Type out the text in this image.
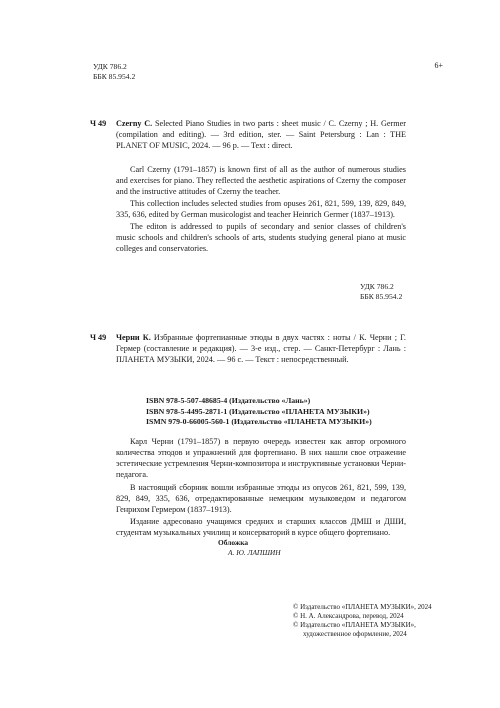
УДК 786.2
ББК 85.954.2
6+
Ч 49 Czerny C. Selected Piano Studies in two parts : sheet music / C. Czerny ; H. Germer (compilation and editing). — 3rd edition, ster. — Saint Petersburg : Lan : THE PLANET OF MUSIC, 2024. — 96 p. — Text : direct.
Carl Czerny (1791–1857) is known first of all as the author of numerous studies and exercises for piano. They reflected the aesthetic aspirations of Czerny the composer and the instructive attitudes of Czerny the teacher.
This collection includes selected studies from opuses 261, 821, 599, 139, 829, 849, 335, 636, edited by German musicologist and teacher Heinrich Germer (1837–1913).
The editon is addressed to pupils of secondary and senior classes of children's music schools and children's schools of arts, students studying general piano at music colleges and conservatories.
УДК 786.2
ББК 85.954.2
Ч 49 Черни К. Избранные фортепианные этюды в двух частях : ноты / К. Черни ; Г. Гермер (составление и редакция). — 3-е изд., стер. — Санкт-Петербург : Лань : ПЛАНЕТА МУЗЫКИ, 2024. — 96 с. — Текст : непосредственный.
ISBN 978-5-507-48685-4 (Издательство «Лань»)
ISBN 978-5-4495-2871-1 (Издательство «ПЛАНЕТА МУЗЫКИ»)
ISMN 979-0-66005-560-1 (Издательство «ПЛАНЕТА МУЗЫКИ»)
Карл Черни (1791–1857) в первую очередь известен как автор огромного количества этюдов и упражнений для фортепиано. В них нашли свое отражение эстетические устремления Черни-композитора и инструктивные установки Черни-педагога.
В настоящий сборник вошли избранные этюды из опусов 261, 821, 599, 139, 829, 849, 335, 636, отредактированные немецким музыковедом и педагогом Генрихом Гермером (1837–1913).
Издание адресовано учащимся средних и старших классов ДМШ и ДШИ, студентам музыкальных училищ и консерваторий в курсе общего фортепиано.
Обложка
А. Ю. ЛАПШИН
© Издательство «ПЛАНЕТА МУЗЫКИ», 2024
© Н. А. Александрова, перевод, 2024
© Издательство «ПЛАНЕТА МУЗЫКИ»,
художественное оформление, 2024
